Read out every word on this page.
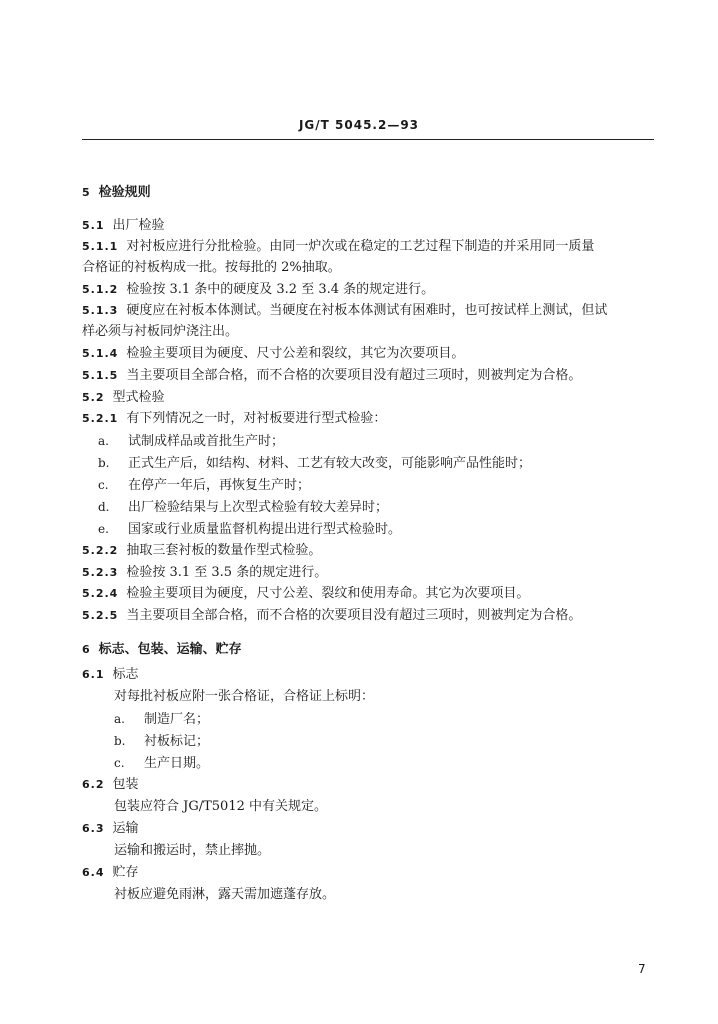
JG/T 5045.2—93
5 检验规则
5.1 出厂检验
5.1.1 对衬板应进行分批检验。由同一炉次或在稳定的工艺过程下制造的并采用同一质量
合格证的衬板构成一批。按每批的 2%抽取。
5.1.2 检验按 3.1 条中的硬度及 3.2 至 3.4 条的规定进行。
5.1.3 硬度应在衬板本体测试。当硬度在衬板本体测试有困难时，也可按试样上测试，但试
样必须与衬板同炉浇注出。
5.1.4 检验主要项目为硬度、尺寸公差和裂纹，其它为次要项目。
5.1.5 当主要项目全部合格，而不合格的次要项目没有超过三项时，则被判定为合格。
5.2 型式检验
5.2.1 有下列情况之一时，对衬板要进行型式检验：
a. 试制成样品或首批生产时；
b. 正式生产后，如结构、材料、工艺有较大改变，可能影响产品性能时；
c. 在停产一年后，再恢复生产时；
d. 出厂检验结果与上次型式检验有较大差异时；
e. 国家或行业质量监督机构提出进行型式检验时。
5.2.2 抽取三套衬板的数量作型式检验。
5.2.3 检验按 3.1 至 3.5 条的规定进行。
5.2.4 检验主要项目为硬度，尺寸公差、裂纹和使用寿命。其它为次要项目。
5.2.5 当主要项目全部合格，而不合格的次要项目没有超过三项时，则被判定为合格。
6 标志、包装、运输、贮存
6.1 标志
对每批衬板应附一张合格证，合格证上标明：
a. 制造厂名；
b. 衬板标记；
c. 生产日期。
6.2 包装
包装应符合 JG/T5012 中有关规定。
6.3 运输
运输和搬运时，禁止摔抛。
6.4 贮存
衬板应避免雨淋，露天需加遮蓬存放。
7
